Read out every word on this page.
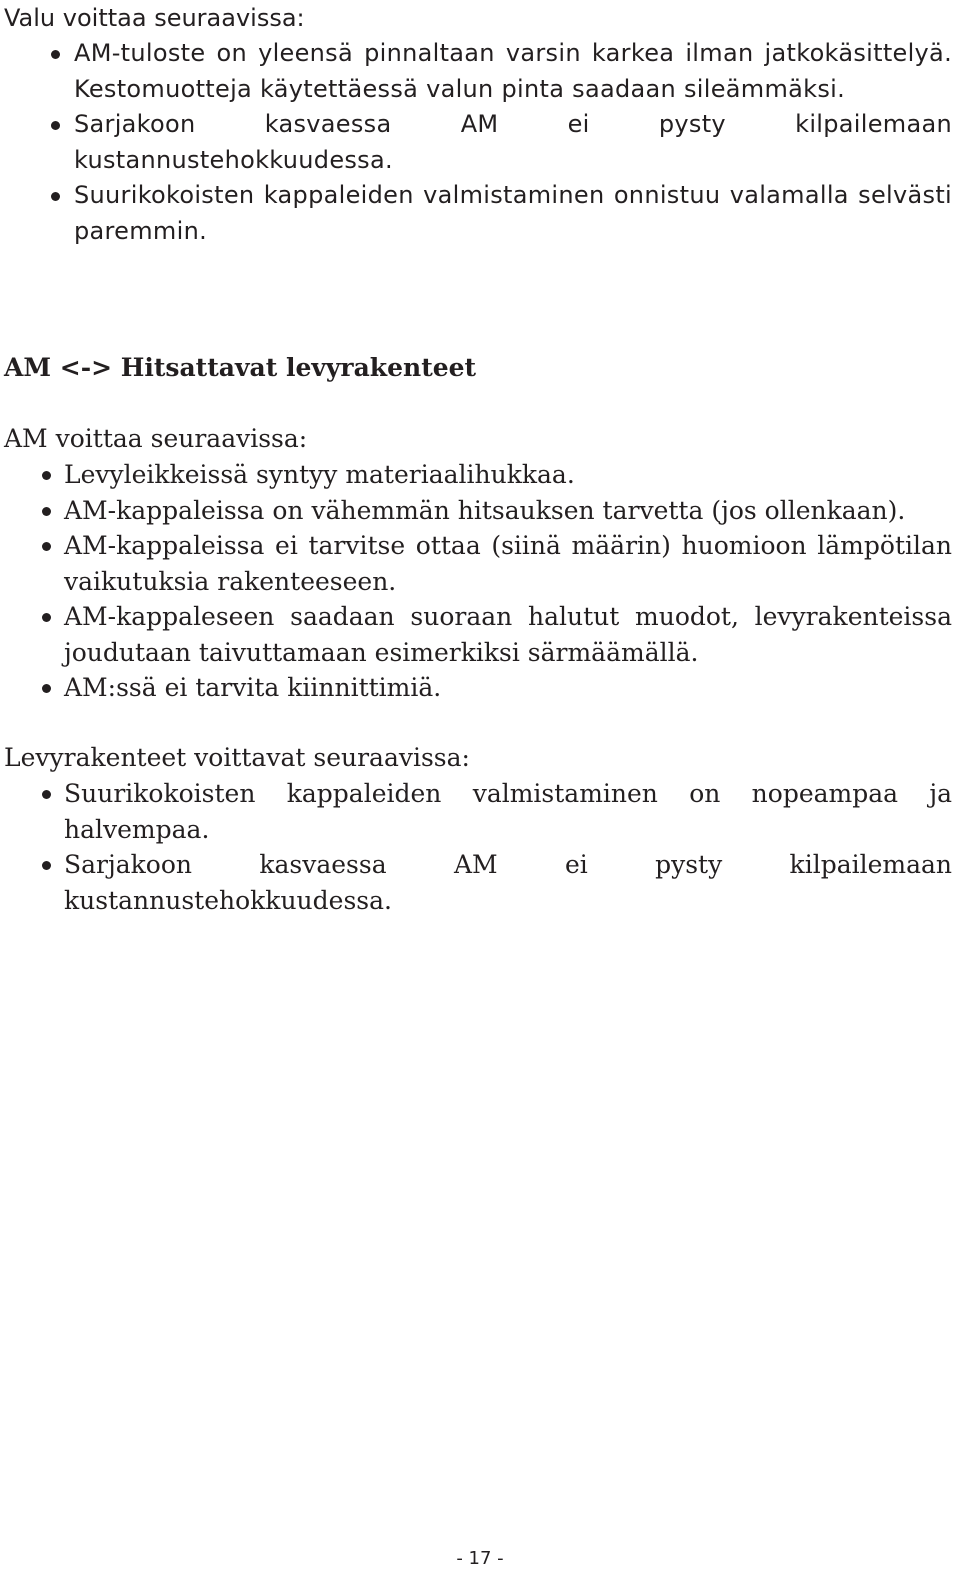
Valu voittaa seuraavissa:

AM-tuloste on yleensä pinnaltaan varsin karkea ilman jatkokäsittelyä. Kestomuotteja käytettäessä valun pinta saadaan sileämmäksi.
Sarjakoon kasvaessa AM ei pysty kilpailemaan kustannustehokkuudessa.
Suurikokoisten kappaleiden valmistaminen onnistuu valamalla selvästi paremmin.
AM <-> Hitsattavat levyrakenteet

AM voittaa seuraavissa:

Levyleikkeissä syntyy materiaalihukkaa.
AM-kappaleissa on vähemmän hitsauksen tarvetta (jos ollenkaan).
AM-kappaleissa ei tarvitse ottaa (siinä määrin) huomioon lämpötilan vaikutuksia rakenteeseen.
AM-kappaleseen saadaan suoraan halutut muodot, levyrakenteissa joudutaan taivuttamaan esimerkiksi särmäämällä.
AM:ssä ei tarvita kiinnittimiä.

Levyrakenteet voittavat seuraavissa:

Suurikokoisten kappaleiden valmistaminen on nopeampaa ja halvempaa.
Sarjakoon kasvaessa AM ei pysty kilpailemaan kustannustehokkuudessa.
- 17 -
